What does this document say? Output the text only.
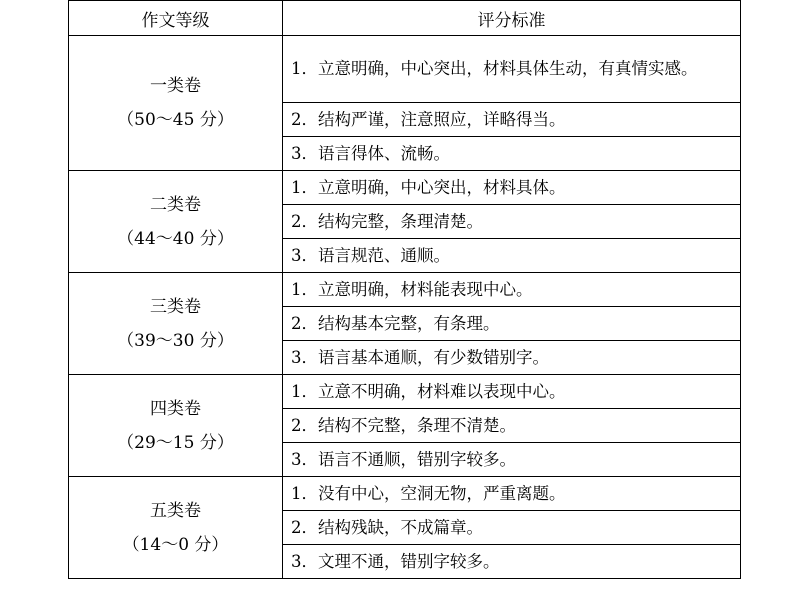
作文等级	评分标准

一类卷
（50～45 分）	1．立意明确，中心突出，材料具体生动，有真情实感。
	2．结构严谨，注意照应，详略得当。
	3．语言得体、流畅。

二类卷
（44～40 分）	1．立意明确，中心突出，材料具体。
	2．结构完整，条理清楚。
	3．语言规范、通顺。

三类卷
（39～30 分）	1．立意明确，材料能表现中心。
	2．结构基本完整，有条理。
	3．语言基本通顺，有少数错别字。

四类卷
（29～15 分）	1．立意不明确，材料难以表现中心。
	2．结构不完整，条理不清楚。
	3．语言不通顺，错别字较多。

五类卷
（14～0 分）	1．没有中心，空洞无物，严重离题。
	2．结构残缺，不成篇章。
	3．文理不通，错别字较多。
